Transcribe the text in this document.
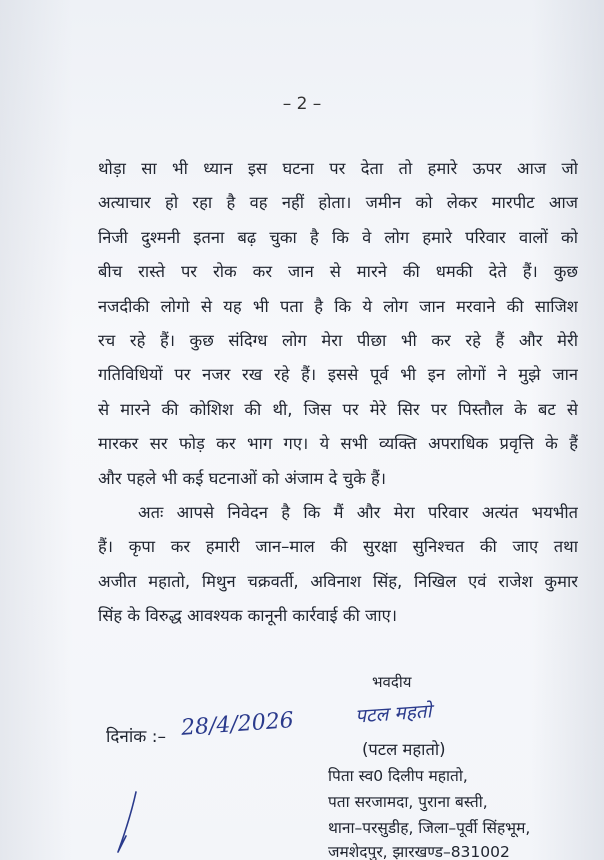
– 2 –
थोड़ा सा भी ध्यान इस घटना पर देता तो हमारे ऊपर आज जो
अत्याचार हो रहा है वह नहीं होता। जमीन को लेकर मारपीट आज
निजी दुश्मनी इतना बढ़ चुका है कि वे लोग हमारे परिवार वालों को
बीच रास्ते पर रोक कर जान से मारने की धमकी देते हैं। कुछ
नजदीकी लोगो से यह भी पता है कि ये लोग जान मरवाने की साजिश
रच रहे हैं। कुछ संदिग्ध लोग मेरा पीछा भी कर रहे हैं और मेरी
गतिविधियों पर नजर रख रहे हैं। इससे पूर्व भी इन लोगों ने मुझे जान
से मारने की कोशिश की थी, जिस पर मेरे सिर पर पिस्तौल के बट से
मारकर सर फोड़ कर भाग गए। ये सभी व्यक्ति अपराधिक प्रवृत्ति के हैं
और पहले भी कई घटनाओं को अंजाम दे चुके हैं।
अतः आपसे निवेदन है कि मैं और मेरा परिवार अत्यंत भयभीत
हैं। कृपा कर हमारी जान–माल की सुरक्षा सुनिश्चत की जाए तथा
अजीत महातो, मिथुन चक्रवर्ती, अविनाश सिंह, निखिल एवं राजेश कुमार
सिंह के विरुद्ध आवश्यक कानूनी कार्रवाई की जाए।
भवदीय
पटल महतो
दिनांक :– 28/4/2026
(पटल महातो)
पिता स्व0 दिलीप महातो,
पता सरजामदा, पुराना बस्ती,
थाना–परसुडीह, जिला–पूर्वी सिंहभूम,
जमशेदपुर, झारखण्ड–831002
